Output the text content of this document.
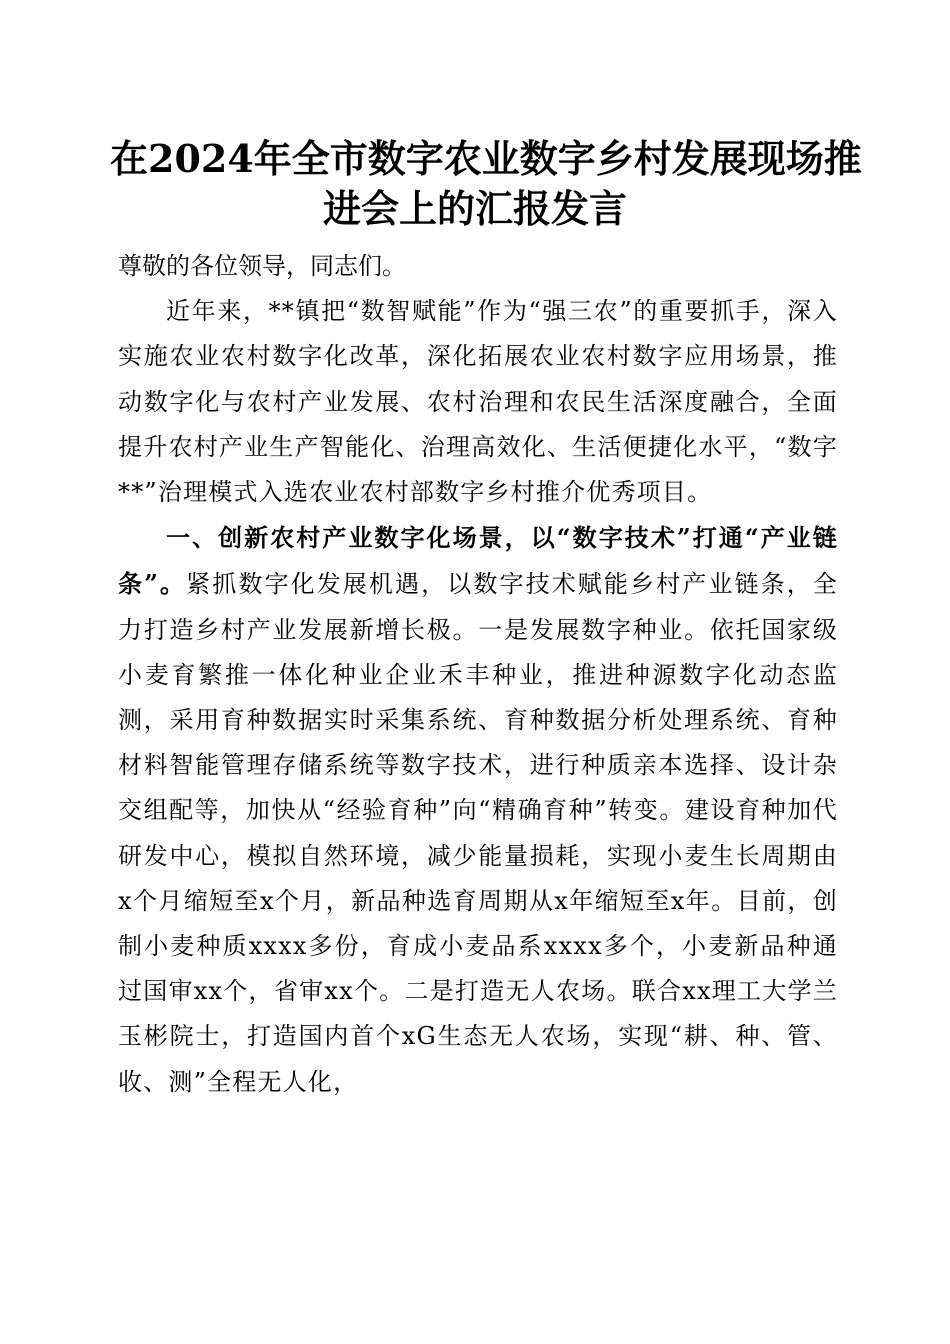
在2024年全市数字农业数字乡村发展现场推
进会上的汇报发言

尊敬的各位领导，同志们。

近年来，**镇把“数智赋能”作为“强三农”的重要抓手，深入实施农业农村数字化改革，深化拓展农业农村数字应用场景，推动数字化与农村产业发展、农村治理和农民生活深度融合，全面提升农村产业生产智能化、治理高效化、生活便捷化水平，“数字**”治理模式入选农业农村部数字乡村推介优秀项目。

一、创新农村产业数字化场景，以“数字技术”打通“产业链条”。紧抓数字化发展机遇，以数字技术赋能乡村产业链条，全力打造乡村产业发展新增长极。一是发展数字种业。依托国家级小麦育繁推一体化种业企业禾丰种业，推进种源数字化动态监测，采用育种数据实时采集系统、育种数据分析处理系统、育种材料智能管理存储系统等数字技术，进行种质亲本选择、设计杂交组配等，加快从“经验育种”向“精确育种”转变。建设育种加代研发中心，模拟自然环境，减少能量损耗，实现小麦生长周期由x个月缩短至x个月，新品种选育周期从x年缩短至x年。目前，创制小麦种质xxxx多份，育成小麦品系xxxx多个，小麦新品种通过国审xx个，省审xx个。二是打造无人农场。联合xx理工大学兰玉彬院士，打造国内首个xG生态无人农场，实现“耕、种、管、收、测”全程无人化，
